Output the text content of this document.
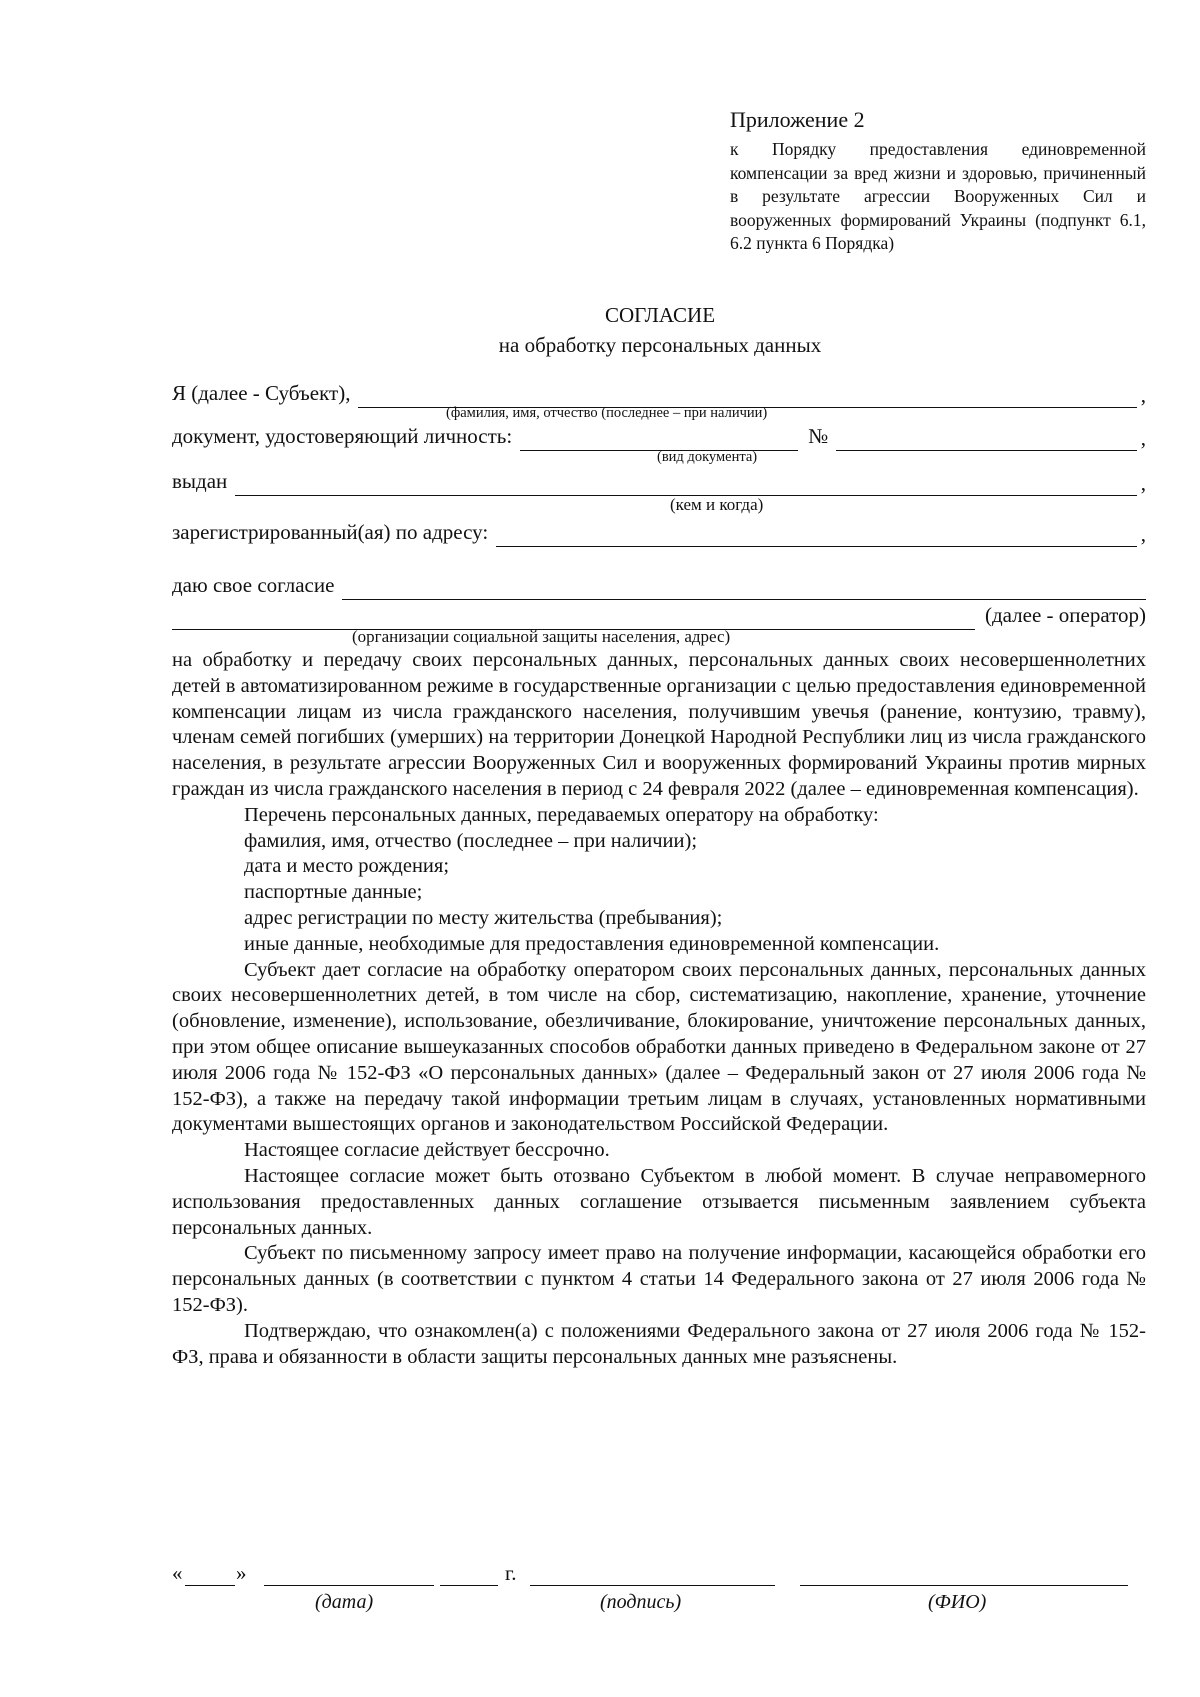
Приложение 2

к Порядку предоставления единовременной компенсации за вред жизни и здоровью, причиненный в результате агрессии Вооруженных Сил и вооруженных формирований Украины (подпункт 6.1, 6.2 пункта 6 Порядка)

СОГЛАСИЕ
на обработку персональных данных
Я (далее - Субъект),	,
(фамилия, имя, отчество (последнее – при наличии)
документ, удостоверяющий личность:	№	,
(вид документа)
выдан	,
(кем и когда)
зарегистрированный(ая) по адресу:	,
даю свое согласие
(далее - оператор)
(организации социальной защиты населения, адрес)

на обработку и передачу своих персональных данных, персональных данных своих несовершеннолетних детей в автоматизированном режиме в государственные организации с целью предоставления единовременной компенсации лицам из числа гражданского населения, получившим увечья (ранение, контузию, травму), членам семей погибших (умерших) на территории Донецкой Народной Республики лиц из числа гражданского населения, в результате агрессии Вооруженных Сил и вооруженных формирований Украины против мирных граждан из числа гражданского населения в период с 24 февраля 2022 (далее – единовременная компенсация).

Перечень персональных данных, передаваемых оператору на обработку:

фамилия, имя, отчество (последнее – при наличии);

дата и место рождения;

паспортные данные;

адрес регистрации по месту жительства (пребывания);

иные данные, необходимые для предоставления единовременной компенсации.

Субъект дает согласие на обработку оператором своих персональных данных, персональных данных своих несовершеннолетних детей, в том числе на сбор, систематизацию, накопление, хранение, уточнение (обновление, изменение), использование, обезличивание, блокирование, уничтожение персональных данных, при этом общее описание вышеуказанных способов обработки данных приведено в Федеральном законе от 27 июля 2006 года № 152-ФЗ «О персональных данных» (далее – Федеральный закон от 27 июля 2006 года № 152-ФЗ), а также на передачу такой информации третьим лицам в случаях, установленных нормативными документами вышестоящих органов и законодательством Российской Федерации.

Настоящее согласие действует бессрочно.

Настоящее согласие может быть отозвано Субъектом в любой момент. В случае неправомерного использования предоставленных данных соглашение отзывается письменным заявлением субъекта персональных данных.

Субъект по письменному запросу имеет право на получение информации, касающейся обработки его персональных данных (в соответствии с пунктом 4 статьи 14 Федерального закона от 27 июля 2006 года № 152-ФЗ).

Подтверждаю, что ознакомлен(а) с положениями Федерального закона от 27 июля 2006 года № 152-ФЗ, права и обязанности в области защиты персональных данных мне разъяснены.

«	»	г.
(дата)	(подпись)	(ФИО)
